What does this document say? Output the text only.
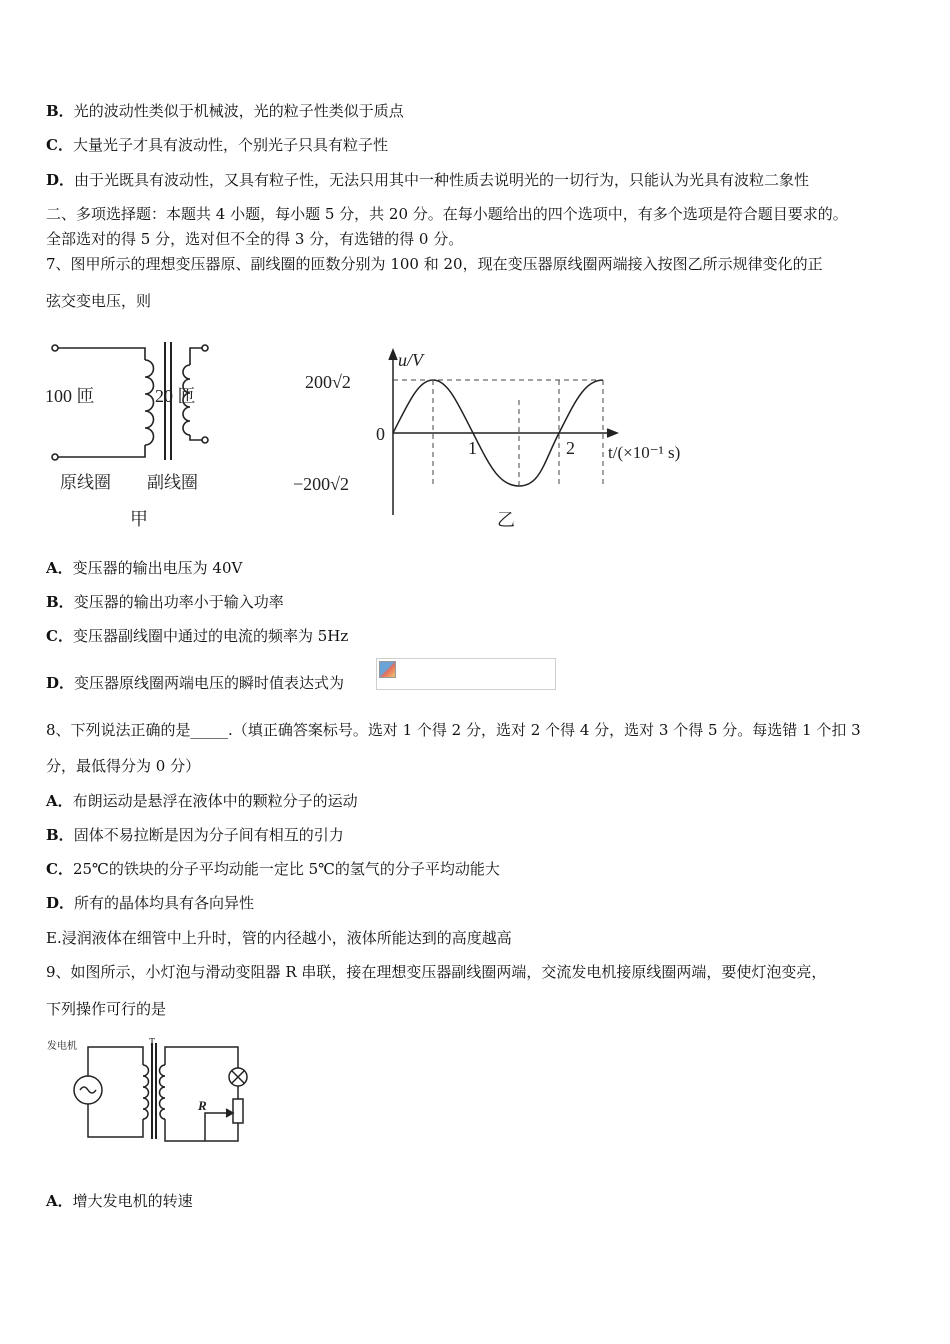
B．光的波动性类似于机械波，光的粒子性类似于质点
C．大量光子才具有波动性，个别光子只具有粒子性
D．由于光既具有波动性，又具有粒子性，无法只用其中一种性质去说明光的一切行为，只能认为光具有波粒二象性
二、多项选择题：本题共 4 小题，每小题 5 分，共 20 分。在每小题给出的四个选项中，有多个选项是符合题目要求的。
全部选对的得 5 分，选对但不全的得 3 分，有选错的得 0 分。
7、图甲所示的理想变压器原、副线圈的匝数分别为 100 和 20，现在变压器原线圈两端接入按图乙所示规律变化的正
弦交变电压，则
100 匝	20 匝
原线圈 副线圈
甲
u/V
200√2
0
−200√2
1	2 t/(×10⁻¹ s)
乙
A．变压器的输出电压为 40V
B．变压器的输出功率小于输入功率
C．变压器副线圈中通过的电流的频率为 5Hz
D．变压器原线圈两端电压的瞬时值表达式为
8、下列说法正确的是_____.（填正确答案标号。选对 1 个得 2 分，选对 2 个得 4 分，选对 3 个得 5 分。每选错 1 个扣 3
分，最低得分为 0 分）
A．布朗运动是悬浮在液体中的颗粒分子的运动
B．固体不易拉断是因为分子间有相互的引力
C．25℃的铁块的分子平均动能一定比 5℃的氢气的分子平均动能大
D．所有的晶体均具有各向异性
E.浸润液体在细管中上升时，管的内径越小，液体所能达到的高度越高
9、如图所示，小灯泡与滑动变阻器 R 串联，接在理想变压器副线圈两端，交流发电机接原线圈两端，要使灯泡变亮，
下列操作可行的是
发电机	T
R
A．增大发电机的转速
